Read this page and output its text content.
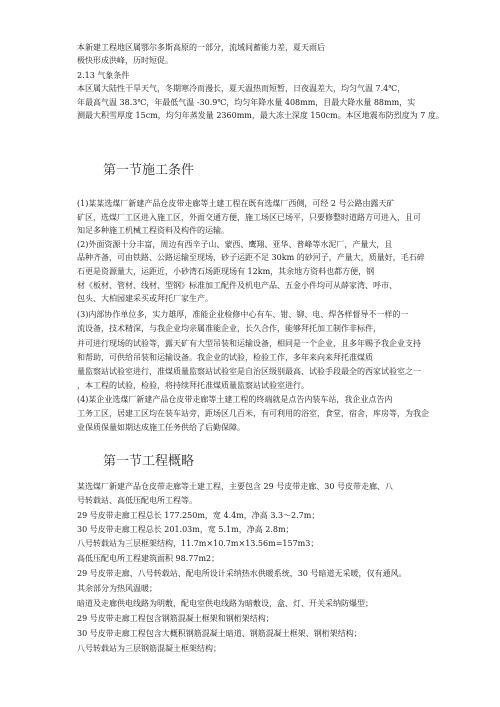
本新建工程地区属鄂尔多斯高原的一部分，流域间蓄能力差，夏天雨后
极快形成洪峰，历时短促。
2.13 气象条件
本区属大陆性干旱天气，冬期寒冷而漫长，夏天温热而短暂，日夜温差大，均匀气温 7.4℃，
年最高气温 38.3℃，年最低气温 -30.9℃，均匀年降水量 408mm，目最大降水量 88mm，实
测最大积雪厚度 15cm，均匀年蒸发量 2360mm，最大冻土深度 150cm。本区地震布防烈度为 7 度。
第一节施工条件
(1)某某选煤厂新建产品仓皮带走廊等土建工程在既有选煤厂西侧，可经 2 号公路由露天矿
矿区，选煤厂工区进入施工区，外面交通方便，施工场区已场平，只要修整时道路方可进入，且可
知足多种施工机械工程资料及构件的运输。
(2)外面资源十分丰富，周边有西辛子山、蒙西、鹰翔、亚华、普峰等水泥厂，产量大，且
品种齐备，可由铁路、公路运输至现场，砂子运距不足 30km 的砂河子，产量大，质量好，毛石碎
石更是资源量大，运距近，小砂湾石场距现场有 12km，其余地方资料也都方便，钢
材《板材、管材、线材、型钢》标准加工配件及机电产品、五金小件均可从薛家湾、呼市、
包头、大柏园建采买或拜托厂家生产。
(3)内部协作单位多，实力雄厚，准能企业检修中心有车、钳、铆、电、焊各样督导不一样的一
流设备，技术精深，与我企业均亲属准能企业，长久合作，能够拜托加工制作非标件，
并可进行现场的试验等，露天矿有大型吊装和运输设备，相同是一个企业，且多年赐予我企业支持
和帮助，可供给吊装和运输设备。我企业的试验，检验工作，多年来向来拜托准煤质
量监察站试验室进行，准煤质量监察站试验室是自治区级别最高、试验手段最全的西家试验室之一
，本工程的试验，检验，将持续拜托准煤质量监察站试验室进行。
(4)某企业选煤厂新建产品仓皮带走廊等土建工程的终端就是点告内装车站，我企业点告内
工务工区，居建工区均在装车站旁，距场区几百米，有可利用的浴室，食堂，宿舍，库房等，为我企
业保质保量如期达成施工任务供给了后勤保障。
第一节工程概略
某选煤厂新建产品仓皮带走廊等土建工程，主要包含 29 号皮带走廊、30 号皮带走廊、八
号转载站、高低压配电所工程等。
29 号皮带走廊工程总长 177.250m，宽 4.4m，净高 3.3～2.7m；
30 号皮带走廊工程总长 201.03m，宽 5.1m，净高 2.8m；
八号转载站为三层框架结构，11.7m×10.7m×13.56m=157m3；
高低压配电所工程建筑面积 98.77m2；
29 号皮带走廊、八号转载站、配电所设计采纳热水供暖系统，30 号暗道无采暖，仅有通风。
其余部分为热风温暖；
暗道及走廊供电线路为明敷，配电室供电线路为暗敷设，盒、灯、开关采纳防爆型；
29 号皮带走廊工程包含钢筋混凝土框架和钢桁架结构；
30 号皮带走廊工程包含大概积钢筋混凝土暗道、钢筋混凝土框架、钢桁架结构；
八号转载站为三层钢筋混凝土框架结构；
